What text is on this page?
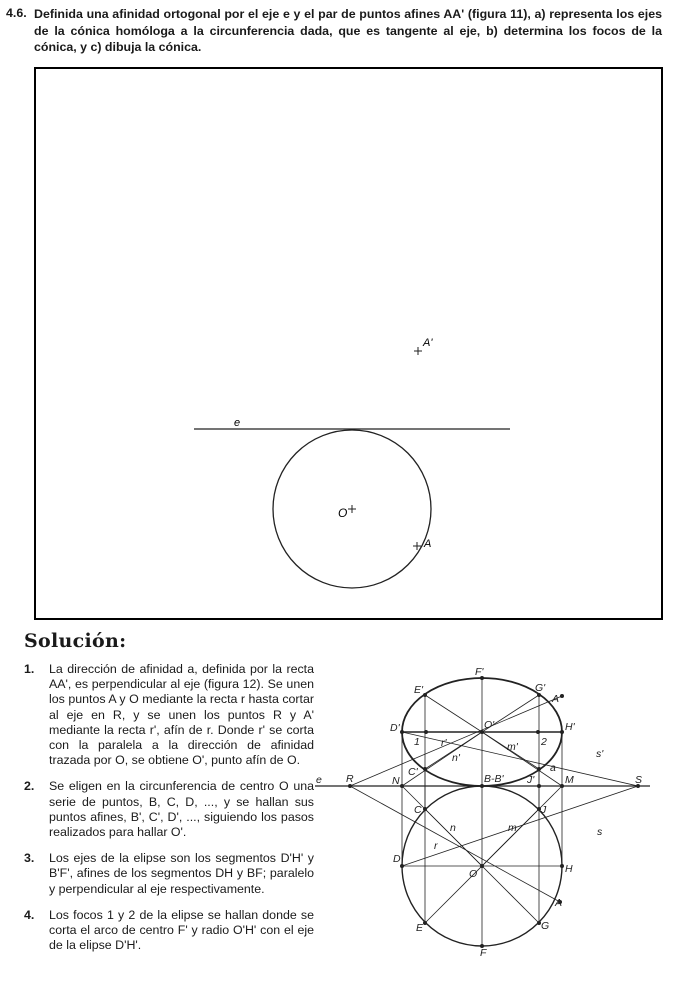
4.6. Definida una afinidad ortogonal por el eje e y el par de puntos afines AA' (figura 11), a) representa los ejes de la cónica homóloga a la circunferencia dada, que es tangente al eje, b) determina los focos de la cónica, y c) dibuja la cónica.
e
O
A
A'
Solución:
1.	La dirección de afinidad a, definida por la recta AA', es perpendicular al eje (figura 12). Se unen los puntos A y O mediante la recta r hasta cortar al eje en R, y se unen los puntos R y A' mediante la recta r', afín de r. Donde r' se corta con la paralela a la dirección de afinidad trazada por O, se obtiene O', punto afín de O.
2.	Se eligen en la circunferencia de centro O una serie de puntos, B, C, D, ..., y se hallan sus puntos afines, B', C', D', ..., siguiendo los pasos realizados para hallar O'.
3.	Los ejes de la elipse son los segmentos D'H' y B'F', afines de los segmentos DH y BF; paralelo y perpendicular al eje respectivamente.
4.	Los focos 1 y 2 de la elipse se hallan donde se corta el arco de centro F' y radio O'H' con el eje de la elipse D'H'.
F'
E'	G'
A'
D'	H'
O'
1	2
r'	m'
n'
C'	a
s'
e R	N	B-B' J'	M	S
C	J
n	m	s
r
D
O	H
A
E	G
F
